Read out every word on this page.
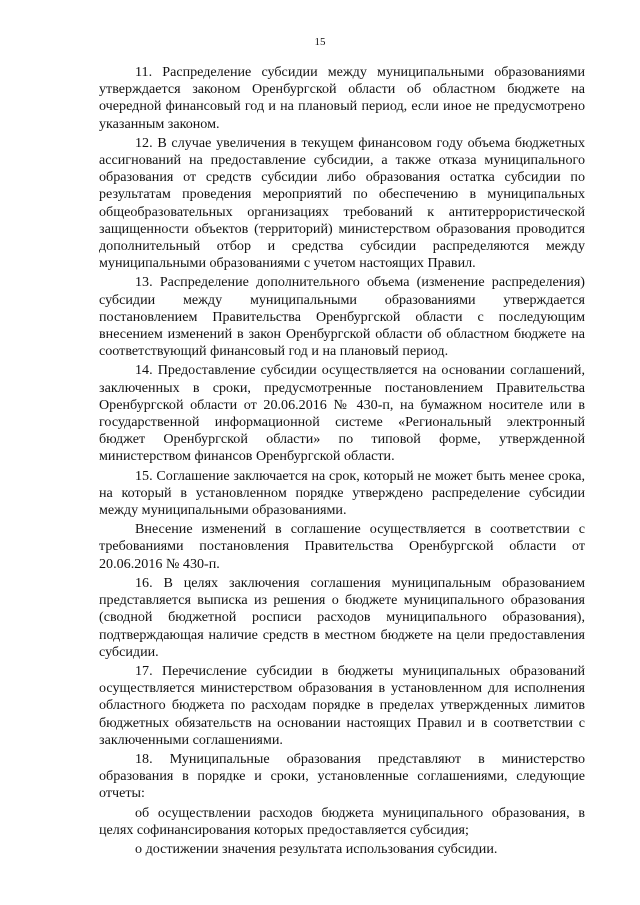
15

11. Распределение субсидии между муниципальными образованиями утверждается законом Оренбургской области об областном бюджете на очередной финансовый год и на плановый период, если иное не предусмотрено указанным законом.

12. В случае увеличения в текущем финансовом году объема бюджетных ассигнований на предоставление субсидии, а также отказа муниципального образования от средств субсидии либо образования остатка субсидии по результатам проведения мероприятий по обеспечению в муниципальных общеобразовательных организациях требований к антитеррористической защищенности объектов (территорий) министерством образования проводится дополнительный отбор и средства субсидии распределяются между муниципальными образованиями с учетом настоящих Правил.

13. Распределение дополнительного объема (изменение распределения) субсидии между муниципальными образованиями утверждается постановлением Правительства Оренбургской области с последующим внесением изменений в закон Оренбургской области об областном бюджете на соответствующий финансовый год и на плановый период.

14. Предоставление субсидии осуществляется на основании соглашений, заключенных в сроки, предусмотренные постановлением Правительства Оренбургской области от 20.06.2016 № 430-п, на бумажном носителе или в государственной информационной системе «Региональный электронный бюджет Оренбургской области» по типовой форме, утвержденной министерством финансов Оренбургской области.

15. Соглашение заключается на срок, который не может быть менее срока, на который в установленном порядке утверждено распределение субсидии между муниципальными образованиями.

Внесение изменений в соглашение осуществляется в соответствии с требованиями постановления Правительства Оренбургской области от 20.06.2016 № 430-п.

16. В целях заключения соглашения муниципальным образованием представляется выписка из решения о бюджете муниципального образования (сводной бюджетной росписи расходов муниципального образования), подтверждающая наличие средств в местном бюджете на цели предоставления субсидии.

17. Перечисление субсидии в бюджеты муниципальных образований осуществляется министерством образования в установленном для исполнения областного бюджета по расходам порядке в пределах утвержденных лимитов бюджетных обязательств на основании настоящих Правил и в соответствии с заключенными соглашениями.

18. Муниципальные образования представляют в министерство образования в порядке и сроки, установленные соглашениями, следующие отчеты:

об осуществлении расходов бюджета муниципального образования, в целях софинансирования которых предоставляется субсидия;

о достижении значения результата использования субсидии.
